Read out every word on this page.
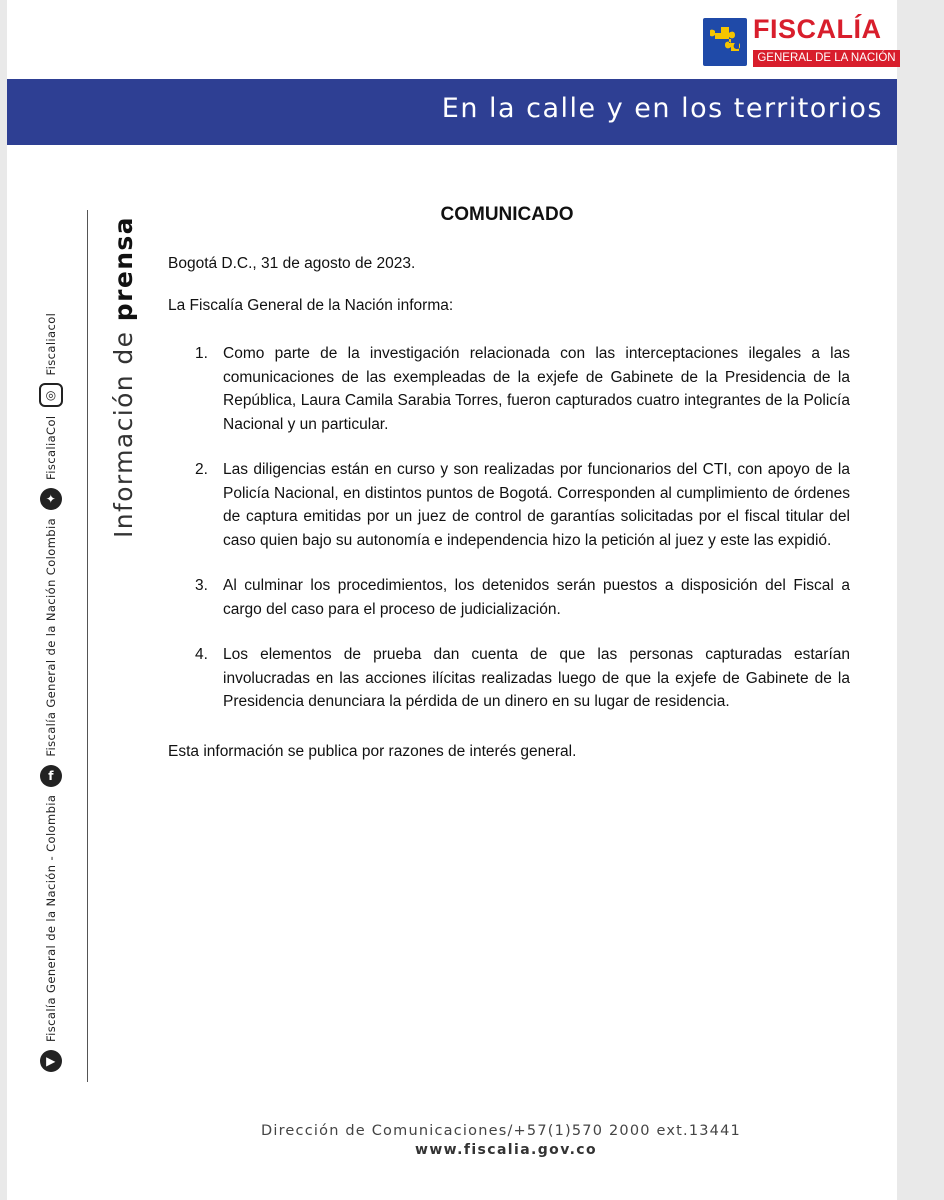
FISCALÍA
GENERAL DE LA NACIÓN
En la calle y en los territorios
▶
Fiscalía General de la Nación - Colombia
f
Fiscalía General de la Nación Colombia
✦
FiscaliaCol
◎
Fiscaliacol Información de prensa
COMUNICADO
Bogotá D.C., 31 de agosto de 2023.
La Fiscalía General de la Nación informa:
1. Como parte de la investigación relacionada con las interceptaciones ilegales a las comunicaciones de las exempleadas de la exjefe de Gabinete de la Presidencia de la República, Laura Camila Sarabia Torres, fueron capturados cuatro integrantes de la Policía Nacional y un particular.
2. Las diligencias están en curso y son realizadas por funcionarios del CTI, con apoyo de la Policía Nacional, en distintos puntos de Bogotá. Corresponden al cumplimiento de órdenes de captura emitidas por un juez de control de garantías solicitadas por el fiscal titular del caso quien bajo su autonomía e independencia hizo la petición al juez y este las expidió.
3. Al culminar los procedimientos, los detenidos serán puestos a disposición del Fiscal a cargo del caso para el proceso de judicialización.
4. Los elementos de prueba dan cuenta de que las personas capturadas estarían involucradas en las acciones ilícitas realizadas luego de que la exjefe de Gabinete de la Presidencia denunciara la pérdida de un dinero en su lugar de residencia.
Esta información se publica por razones de interés general.
Dirección de Comunicaciones/+57(1)570 2000 ext.13441
www.fiscalia.gov.co
